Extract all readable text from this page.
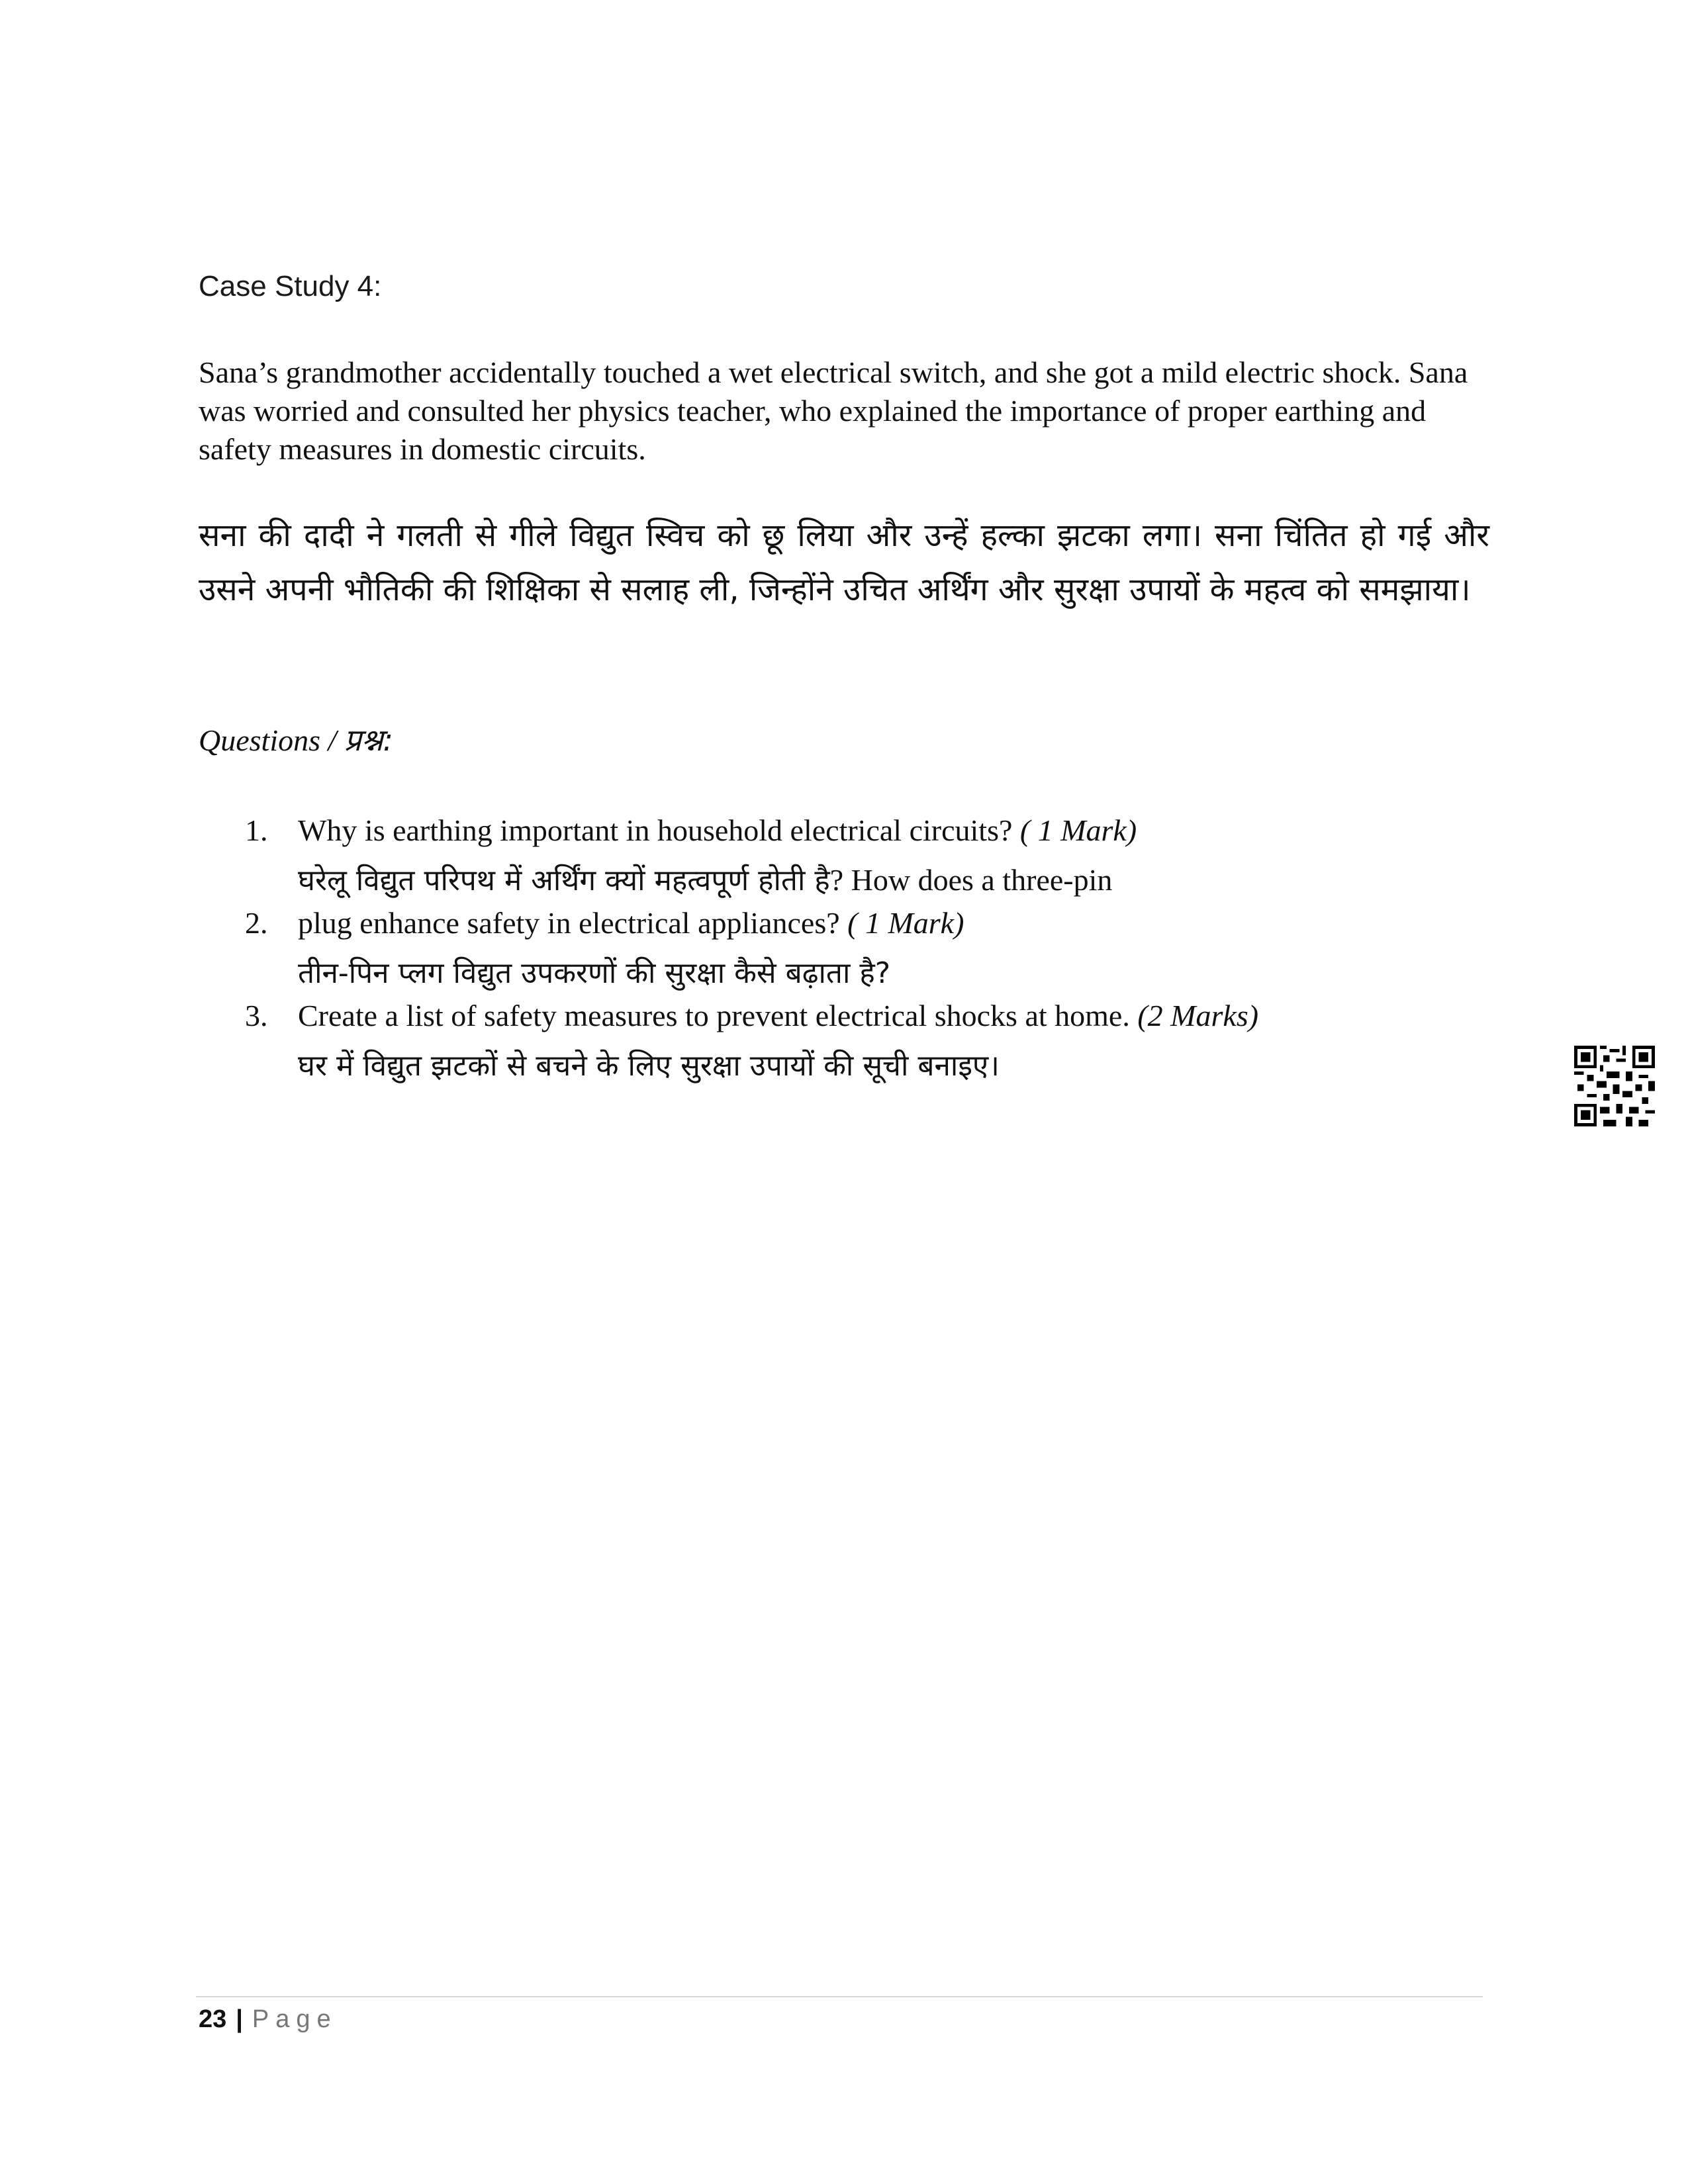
Case Study 4:
Sana’s grandmother accidentally touched a wet electrical switch, and she got a mild electric shock. Sana was worried and consulted her physics teacher, who explained the importance of proper earthing and safety measures in domestic circuits.
सना की दादी ने गलती से गीले विद्युत स्विच को छू लिया और उन्हें हल्का झटका लगा। सना चिंतित हो गई और उसने अपनी भौतिकी की शिक्षिका से सलाह ली, जिन्होंने उचित अर्थिंग और सुरक्षा उपायों के महत्व को समझाया।
Questions / प्रश्न:
1. Why is earthing important in household electrical circuits? ( 1 Mark)
घरेलू विद्युत परिपथ में अर्थिंग क्यों महत्वपूर्ण होती है ? How does a three-pin
2. plug enhance safety in electrical appliances? ( 1 Mark)
तीन-पिन प्लग विद्युत उपकरणों की सुरक्षा कैसे बढ़ाता है?
3. Create a list of safety measures to prevent electrical shocks at home. (2 Marks)
घर में विद्युत झटकों से बचने के लिए सुरक्षा उपायों की सूची बनाइए।
23 | Page
